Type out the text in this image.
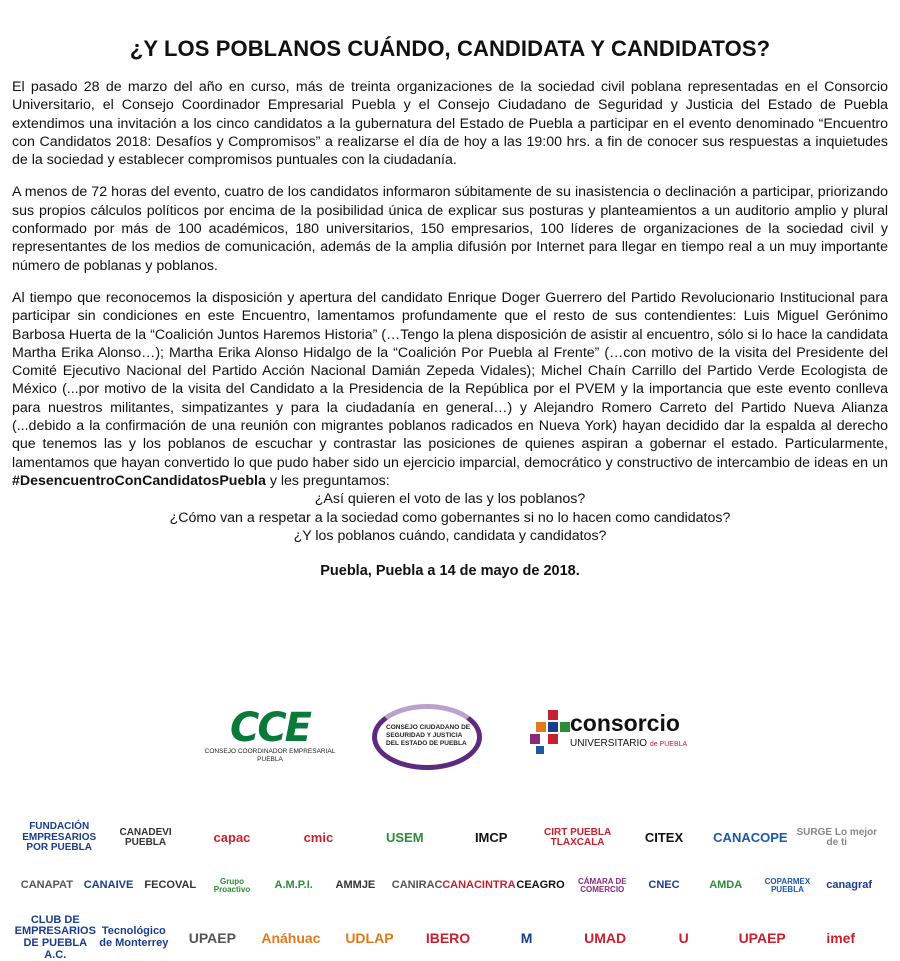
¿Y LOS POBLANOS CUÁNDO, CANDIDATA Y CANDIDATOS?

El pasado 28 de marzo del año en curso, más de treinta organizaciones de la sociedad civil poblana representadas en el Consorcio Universitario, el Consejo Coordinador Empresarial Puebla y el Consejo Ciudadano de Seguridad y Justicia del Estado de Puebla extendimos una invitación a los cinco candidatos a la gubernatura del Estado de Puebla a participar en el evento denominado “Encuentro con Candidatos 2018: Desafíos y Compromisos” a realizarse el día de hoy a las 19:00 hrs. a fin de conocer sus respuestas a inquietudes de la sociedad y establecer compromisos puntuales con la ciudadanía.

A menos de 72 horas del evento, cuatro de los candidatos informaron súbitamente de su inasistencia o declinación a participar, priorizando sus propios cálculos políticos por encima de la posibilidad única de explicar sus posturas y planteamientos a un auditorio amplio y plural conformado por más de 100 académicos, 180 universitarios, 150 empresarios, 100 líderes de organizaciones de la sociedad civil y representantes de los medios de comunicación, además de la amplia difusión por Internet para llegar en tiempo real a un muy importante número de poblanas y poblanos.

Al tiempo que reconocemos la disposición y apertura del candidato Enrique Doger Guerrero del Partido Revolucionario Institucional para participar sin condiciones en este Encuentro, lamentamos profundamente que el resto de sus contendientes: Luis Miguel Gerónimo Barbosa Huerta de la “Coalición Juntos Haremos Historia” (…Tengo la plena disposición de asistir al encuentro, sólo si lo hace la candidata Martha Erika Alonso…); Martha Erika Alonso Hidalgo de la “Coalición Por Puebla al Frente” (…con motivo de la visita del Presidente del Comité Ejecutivo Nacional del Partido Acción Nacional Damián Zepeda Vidales); Michel Chaín Carrillo del Partido Verde Ecologista de México (...por motivo de la visita del Candidato a la Presidencia de la República por el PVEM y la importancia que este evento conlleva para nuestros militantes, simpatizantes y para la ciudadanía en general…) y Alejandro Romero Carreto del Partido Nueva Alianza (...debido a la confirmación de una reunión con migrantes poblanos radicados en Nueva York) hayan decidido dar la espalda al derecho que tenemos las y los poblanos de escuchar y contrastar las posiciones de quienes aspiran a gobernar el estado. Particularmente, lamentamos que hayan convertido lo que pudo haber sido un ejercicio imparcial, democrático y constructivo de intercambio de ideas en un #DesencuentroConCandidatosPuebla y les preguntamos:

¿Así quieren el voto de las y los poblanos?

¿Cómo van a respetar a la sociedad como gobernantes si no lo hacen como candidatos?

¿Y los poblanos cuándo, candidata y candidatos?

Puebla, Puebla a 14 de mayo de 2018.

CCE
CONSEJO COORDINADOR EMPRESARIAL PUEBLA
CONSEJO CIUDADANO DE SEGURIDAD Y JUSTICIA DEL ESTADO DE PUEBLA
consorcio
UNIVERSITARIO de PUEBLA
FUNDACIÓN EMPRESARIOS POR PUEBLA
CANADEVI PUEBLA	capac	cmic	USEM	IMCP	CIRT PUEBLA TLAXCALA	CITEX CANACOPE SURGE Lo mejor de ti
CANAPAT CANAIVE FECOVAL	Grupo Proactivo	A.M.P.I. AMMJE CANIRAC CANACINTRA CEAGRO	CÁMARA DE COMERCIO	CNEC	AMDA	COPARMEX PUEBLA	canagraf
CLUB DE EMPRESARIOS DE PUEBLA A.C.
Tecnológico de Monterrey UPAEP Anáhuac UDLAP IBERO	M	UMAD	U	UPAEP	imef
